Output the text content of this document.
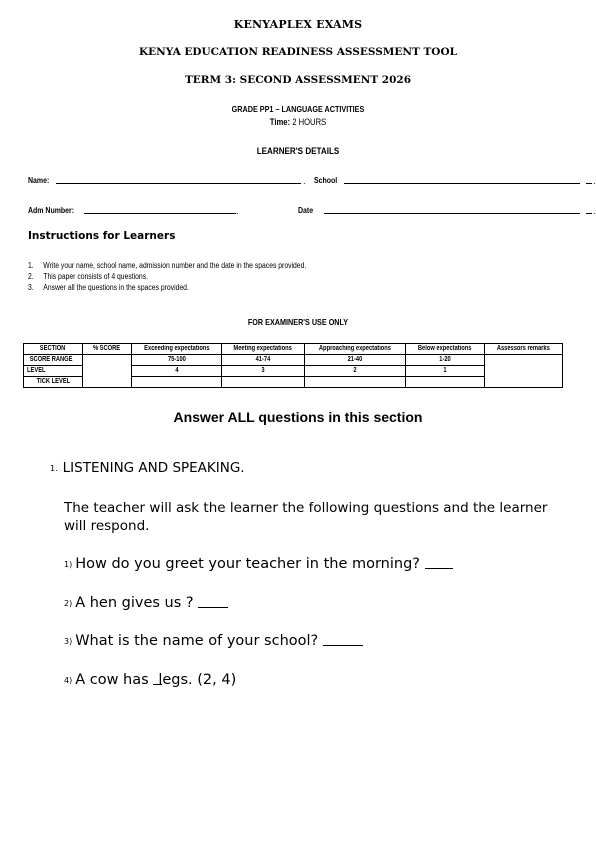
KENYAPLEX EXAMS
KENYA EDUCATION READINESS ASSESSMENT TOOL
TERM 3: SECOND ASSESSMENT 2026
GRADE PP1 – LANGUAGE ACTIVITIES
Time: 2 HOURS
LEARNER'S DETAILS
Name:	. School	.
Adm Number:	.	Date	.
Instructions for Learners
1. Write your name, school name, admission number and the date in the spaces provided.
2. This paper consists of 4 questions.
3. Answer all the questions in the spaces provided.
FOR EXAMINER'S USE ONLY
SECTION	% SCORE	Exceeding expectations	Meeting expectations	Approaching expectations	Below expectations	Assessors remarks
SCORE RANGE		75-100	41-74	21-40	1-20	
LEVEL		4	3	2	1	
TICK LEVEL						
Answer ALL questions in this section
1. LISTENING AND SPEAKING.
The teacher will ask the learner the following questions and the learner will respond.
1) How do you greet your teacher in the morning?
2) A hen gives us ?
3) What is the name of your school?
4) A cow has legs. (2, 4)
